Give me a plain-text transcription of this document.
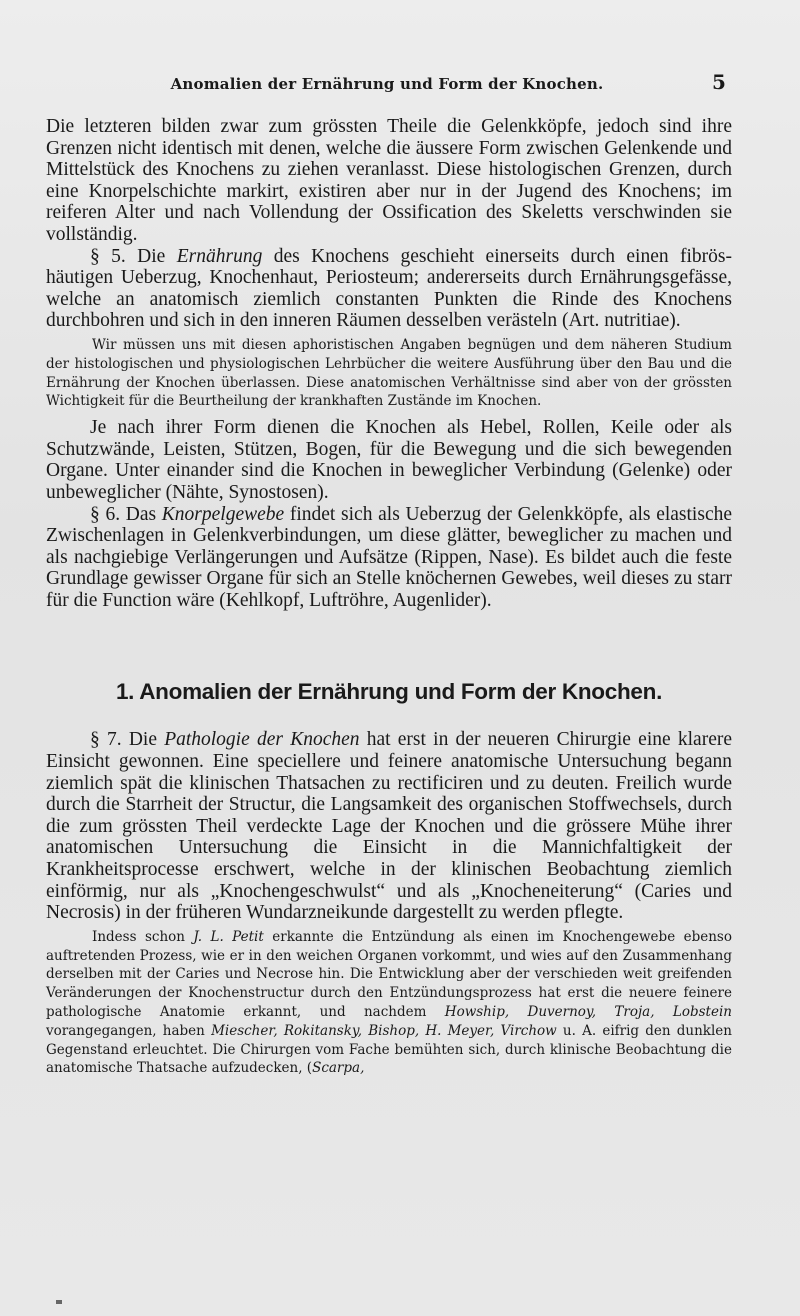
Anomalien der Ernährung und Form der Knochen.	5

Die letzteren bilden zwar zum grössten Theile die Gelenkköpfe, jedoch sind ihre Grenzen nicht identisch mit denen, welche die äussere Form zwischen Gelenkende und Mittelstück des Knochens zu ziehen veranlasst. Diese histologischen Grenzen, durch eine Knorpelschichte markirt, existiren aber nur in der Jugend des Knochens; im reiferen Alter und nach Vollendung der Ossification des Skeletts verschwinden sie vollständig.

§ 5. Die Ernährung des Knochens geschieht einerseits durch einen fibrös-häutigen Ueberzug, Knochenhaut, Periosteum; andererseits durch Ernährungsgefässe, welche an anatomisch ziemlich constanten Punkten die Rinde des Knochens durchbohren und sich in den inneren Räumen desselben verästeln (Art. nutritiae).

Wir müssen uns mit diesen aphoristischen Angaben begnügen und dem näheren Studium der histologischen und physiologischen Lehrbücher die weitere Ausführung über den Bau und die Ernährung der Knochen überlassen. Diese anatomischen Verhältnisse sind aber von der grössten Wichtigkeit für die Beurtheilung der krankhaften Zustände im Knochen.

Je nach ihrer Form dienen die Knochen als Hebel, Rollen, Keile oder als Schutzwände, Leisten, Stützen, Bogen, für die Bewegung und die sich bewegenden Organe. Unter einander sind die Knochen in beweglicher Verbindung (Gelenke) oder unbeweglicher (Nähte, Synostosen).

§ 6. Das Knorpelgewebe findet sich als Ueberzug der Gelenkköpfe, als elastische Zwischenlagen in Gelenkverbindungen, um diese glätter, beweglicher zu machen und als nachgiebige Verlängerungen und Aufsätze (Rippen, Nase). Es bildet auch die feste Grundlage gewisser Organe für sich an Stelle knöchernen Gewebes, weil dieses zu starr für die Function wäre (Kehlkopf, Luftröhre, Augenlider).

1. Anomalien der Ernährung und Form der Knochen.

§ 7. Die Pathologie der Knochen hat erst in der neueren Chirurgie eine klarere Einsicht gewonnen. Eine speciellere und feinere anatomische Untersuchung begann ziemlich spät die klinischen Thatsachen zu rectificiren und zu deuten. Freilich wurde durch die Starrheit der Structur, die Langsamkeit des organischen Stoffwechsels, durch die zum grössten Theil verdeckte Lage der Knochen und die grössere Mühe ihrer anatomischen Untersuchung die Einsicht in die Mannichfaltigkeit der Krankheitsprocesse erschwert, welche in der klinischen Beobachtung ziemlich einförmig, nur als „Knochengeschwulst“ und als „Knocheneiterung“ (Caries und Necrosis) in der früheren Wundarzneikunde dargestellt zu werden pflegte.

Indess schon J. L. Petit erkannte die Entzündung als einen im Knochengewebe ebenso auftretenden Prozess, wie er in den weichen Organen vorkommt, und wies auf den Zusammenhang derselben mit der Caries und Necrose hin. Die Entwicklung aber der verschieden weit greifenden Veränderungen der Knochenstructur durch den Entzündungsprozess hat erst die neuere feinere pathologische Anatomie erkannt, und nachdem Howship, Duvernoy, Troja, Lobstein vorangegangen, haben Miescher, Rokitansky, Bishop, H. Meyer, Virchow u. A. eifrig den dunklen Gegenstand erleuchtet. Die Chirurgen vom Fache bemühten sich, durch klinische Beobachtung die anatomische Thatsache aufzudecken, (Scarpa,
